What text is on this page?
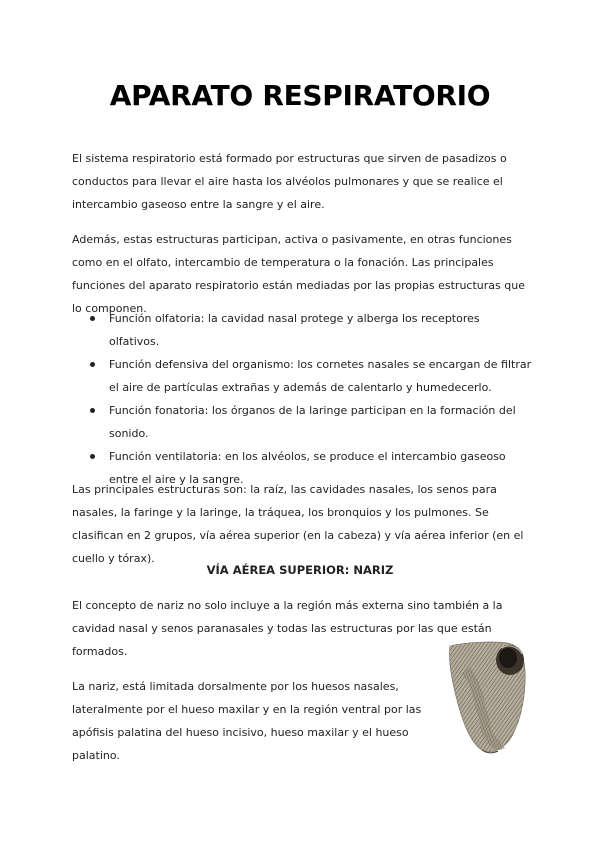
APARATO RESPIRATORIO

El sistema respiratorio está formado por estructuras que sirven de pasadizos o conductos para llevar el aire hasta los alvéolos pulmonares y que se realice el intercambio gaseoso entre la sangre y el aire.

Además, estas estructuras participan, activa o pasivamente, en otras funciones como en el olfato, intercambio de temperatura o la fonación. Las principales funciones del aparato respiratorio están mediadas por las propias estructuras que lo componen.

Función olfatoria: la cavidad nasal protege y alberga los receptores olfativos.
Función defensiva del organismo: los cornetes nasales se encargan de filtrar el aire de partículas extrañas y además de calentarlo y humedecerlo.
Función fonatoria: los órganos de la laringe participan en la formación del sonido.
Función ventilatoria: en los alvéolos, se produce el intercambio gaseoso entre el aire y la sangre.

Las principales estructuras son: la raíz, las cavidades nasales, los senos para nasales, la faringe y la laringe, la tráquea, los bronquios y los pulmones. Se clasifican en 2 grupos, vía aérea superior (en la cabeza) y vía aérea inferior (en el cuello y tórax).

VÍA AÉREA SUPERIOR: NARIZ

El concepto de nariz no solo incluye a la región más externa sino también a la cavidad nasal y senos paranasales y todas las estructuras por las que están formados.

La nariz, está limitada dorsalmente por los huesos nasales, lateralmente por el hueso maxilar y en la región ventral por las apófisis palatina del hueso incisivo, hueso maxilar y el hueso palatino.
